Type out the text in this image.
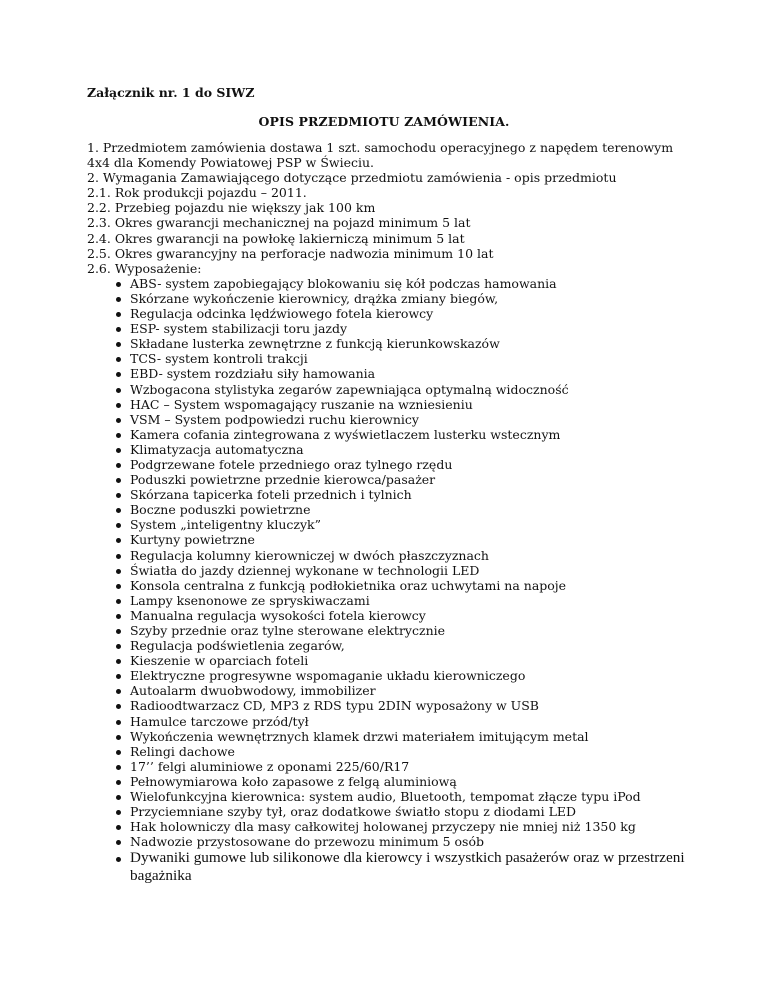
Załącznik nr. 1 do SIWZ
OPIS PRZEDMIOTU ZAMÓWIENIA.
1. Przedmiotem zamówienia dostawa 1 szt. samochodu operacyjnego z napędem terenowym 4x4 dla Komendy Powiatowej PSP w Świeciu.
2. Wymagania Zamawiającego dotyczące przedmiotu zamówienia - opis przedmiotu
2.1. Rok produkcji pojazdu – 2011.
2.2. Przebieg pojazdu nie większy jak 100 km
2.3. Okres gwarancji mechanicznej na pojazd minimum 5 lat
2.4. Okres gwarancji na powłokę lakierniczą minimum 5 lat
2.5. Okres gwarancyjny na perforacje nadwozia minimum 10 lat
2.6. Wyposażenie:
ABS- system zapobiegający blokowaniu się kół podczas hamowania
Skórzane wykończenie kierownicy, drążka zmiany biegów,
Regulacja odcinka lędźwiowego fotela kierowcy
ESP- system stabilizacji toru jazdy
Składane lusterka zewnętrzne z funkcją kierunkowskazów
TCS- system kontroli trakcji
EBD- system rozdziału siły hamowania
Wzbogacona stylistyka zegarów zapewniająca optymalną widoczność
HAC – System wspomagający ruszanie na wzniesieniu
VSM – System podpowiedzi ruchu kierownicy
Kamera cofania zintegrowana z wyświetlaczem lusterku wstecznym
Klimatyzacja automatyczna
Podgrzewane fotele przedniego oraz tylnego rzędu
Poduszki powietrzne przednie kierowca/pasażer
Skórzana tapicerka foteli przednich i tylnich
Boczne poduszki powietrzne
System „inteligentny kluczyk”
Kurtyny powietrzne
Regulacja kolumny kierowniczej w dwóch płaszczyznach
Światła do jazdy dziennej wykonane w technologii LED
Konsola centralna z funkcją podłokietnika oraz uchwytami na napoje
Lampy ksenonowe ze spryskiwaczami
Manualna regulacja wysokości fotela kierowcy
Szyby przednie oraz tylne sterowane elektrycznie
Regulacja podświetlenia zegarów,
Kieszenie w oparciach foteli
Elektryczne progresywne wspomaganie układu kierowniczego
Autoalarm dwuobwodowy, immobilizer
Radioodtwarzacz CD, MP3 z RDS typu 2DIN wyposażony w USB
Hamulce tarczowe przód/tył
Wykończenia wewnętrznych klamek drzwi materiałem imitującym metal
Relingi dachowe
17’’ felgi aluminiowe z oponami 225/60/R17
Pełnowymiarowa koło zapasowe z felgą aluminiową
Wielofunkcyjna kierownica: system audio, Bluetooth, tempomat złącze typu iPod
Przyciemniane szyby tył, oraz dodatkowe światło stopu z diodami LED
Hak holowniczy dla masy całkowitej holowanej przyczepy nie mniej niż 1350 kg
Nadwozie przystosowane do przewozu minimum 5 osób
Dywaniki gumowe lub silikonowe dla kierowcy i wszystkich pasażerów oraz w przestrzeni bagażnika
